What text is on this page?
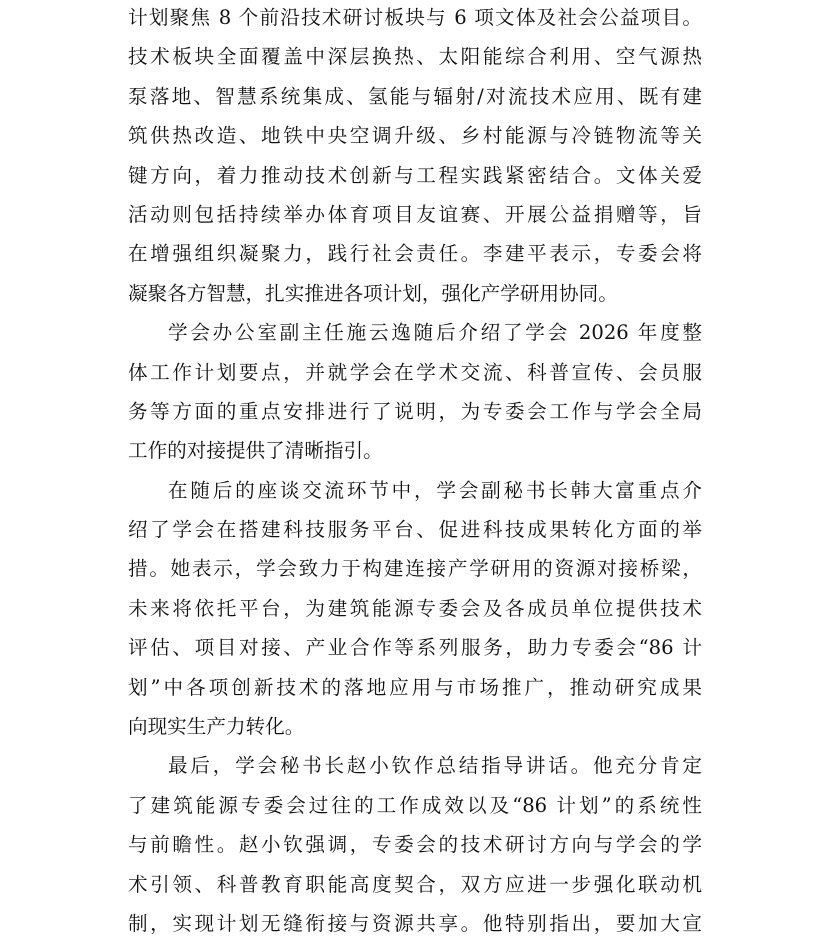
计划聚焦 8 个前沿技术研讨板块与 6 项文体及社会公益项目。
技术板块全面覆盖中深层换热、太阳能综合利用、空气源热
泵落地、智慧系统集成、氢能与辐射/对流技术应用、既有建
筑供热改造、地铁中央空调升级、乡村能源与冷链物流等关
键方向，着力推动技术创新与工程实践紧密结合。文体关爱
活动则包括持续举办体育项目友谊赛、开展公益捐赠等，旨
在增强组织凝聚力，践行社会责任。李建平表示，专委会将
凝聚各方智慧，扎实推进各项计划，强化产学研用协同。
学会办公室副主任施云逸随后介绍了学会 2026 年度整
体工作计划要点，并就学会在学术交流、科普宣传、会员服
务等方面的重点安排进行了说明，为专委会工作与学会全局
工作的对接提供了清晰指引。
在随后的座谈交流环节中，学会副秘书长韩大富重点介
绍了学会在搭建科技服务平台、促进科技成果转化方面的举
措。她表示，学会致力于构建连接产学研用的资源对接桥梁，
未来将依托平台，为建筑能源专委会及各成员单位提供技术
评估、项目对接、产业合作等系列服务，助力专委会“86 计
划”中各项创新技术的落地应用与市场推广，推动研究成果
向现实生产力转化。
最后，学会秘书长赵小钦作总结指导讲话。他充分肯定
了建筑能源专委会过往的工作成效以及“86 计划”的系统性
与前瞻性。赵小钦强调，专委会的技术研讨方向与学会的学
术引领、科普教育职能高度契合，双方应进一步强化联动机
制，实现计划无缝衔接与资源共享。他特别指出，要加大宣
